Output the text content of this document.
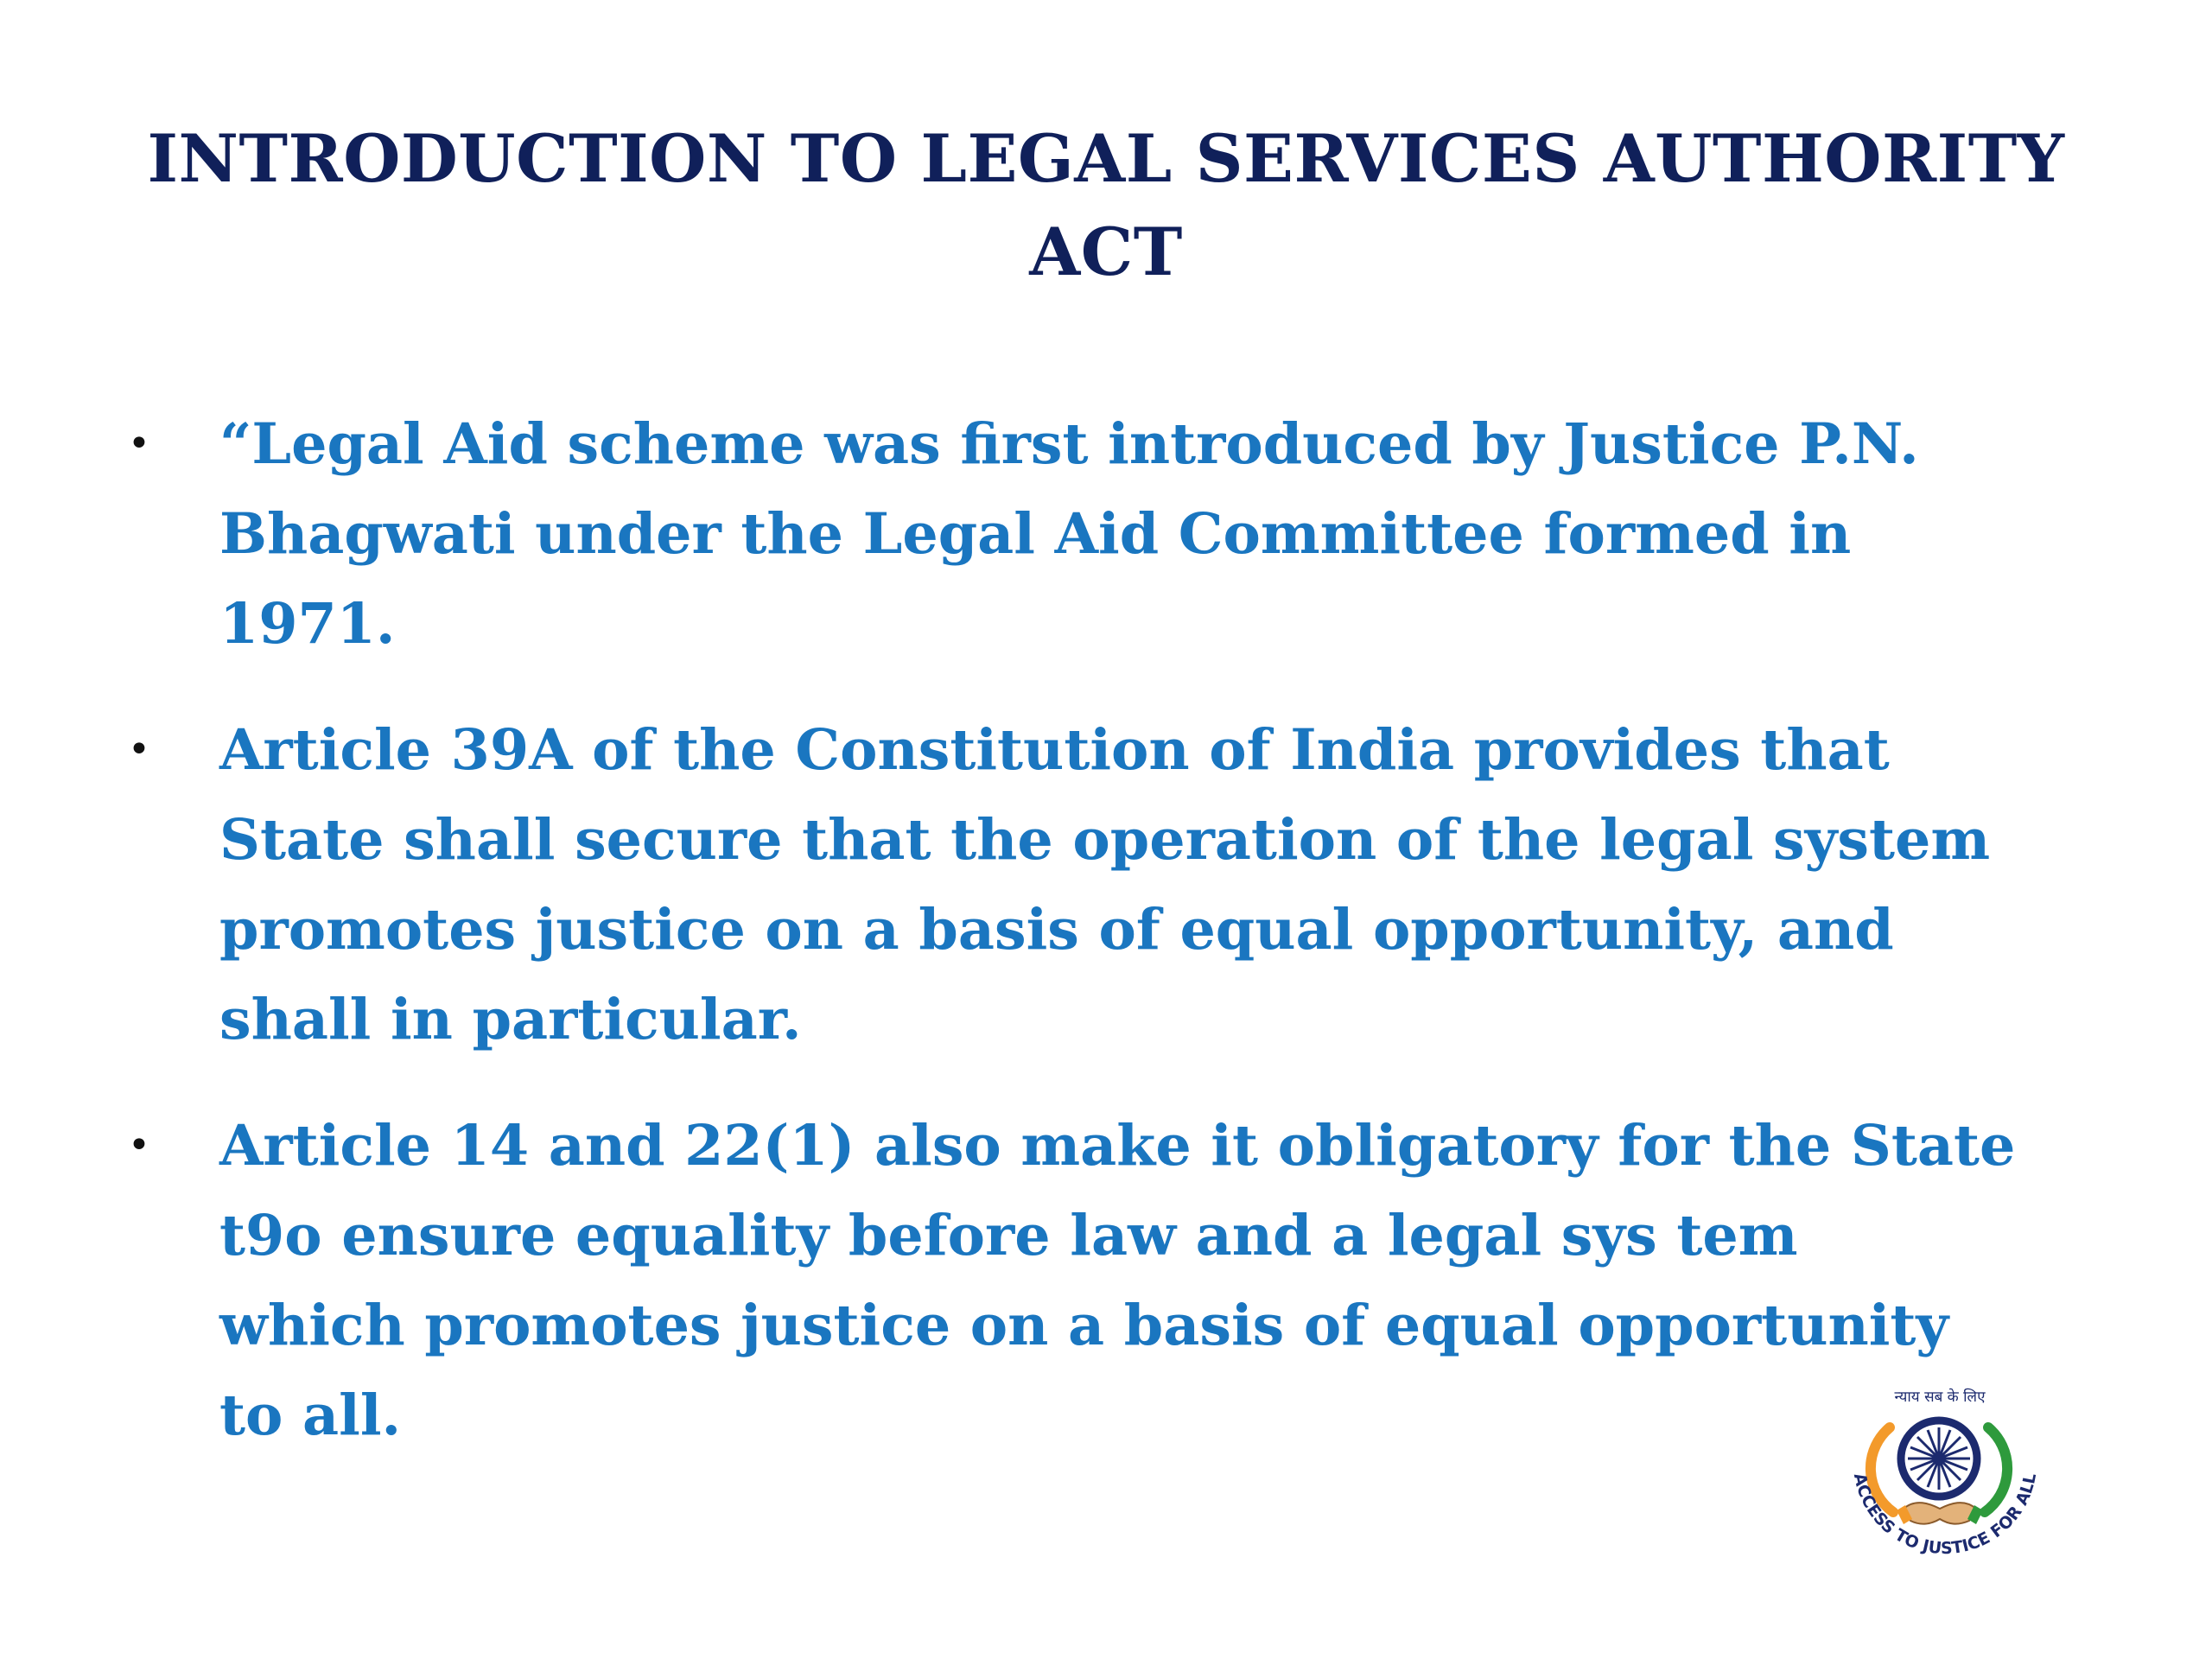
INTRODUCTION TO LEGAL SERVICES AUTHORITY
ACT
• “Legal Aid scheme was first introduced by Justice P.N.
Bhagwati under the Legal Aid Committee formed in
1971.
• Article 39A of the Constitution of India provides that
State shall secure that the operation of the legal system
promotes justice on a basis of equal opportunity, and
shall in particular.
• Article 14 and 22(1) also make it obligatory for the State
t9o ensure equality before law and a legal sys tem
which promotes justice on a basis of equal opportunity
to all.	न्याय सब के लिए
ACCESS TO JUSTICE FOR ALL
